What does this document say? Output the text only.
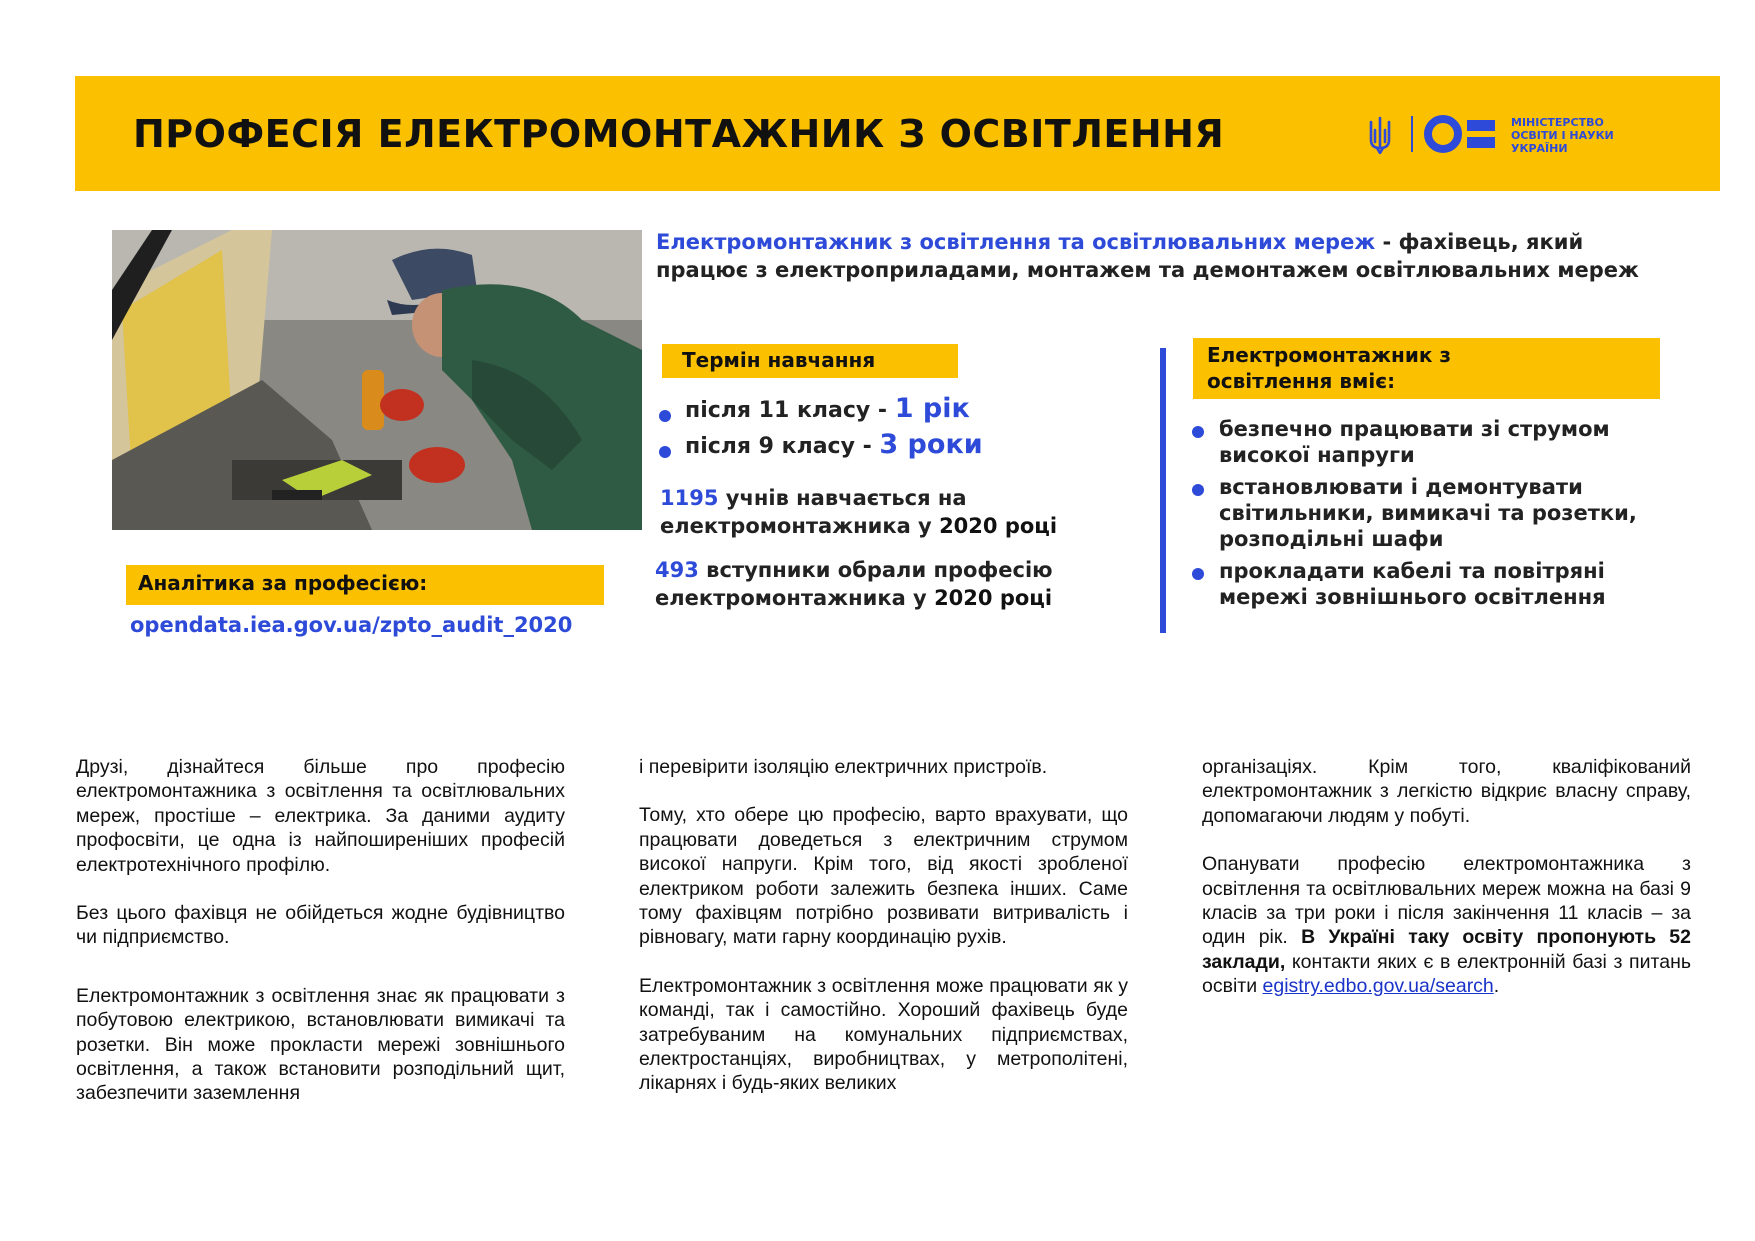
ПРОФЕСІЯ ЕЛЕКТРОМОНТАЖНИК З ОСВІТЛЕННЯ	МІНІСТЕРСТВО
ОСВІТИ І НАУКИ
УКРАЇНИ
Електромонтажник з освітлення та освітлювальних мереж - фахівець, який працює з електроприладами, монтажем та демонтажем освітлювальних мереж
Термін навчання
після 11 класу - 1 рік
після 9 класу - 3 роки
1195 учнів навчається на
електромонтажника у 2020 році
493 вступники обрали професію
електромонтажника у 2020 році
Електромонтажник з
освітлення вміє:
безпечно працювати зі струмом високої напруги
встановлювати і демонтувати світильники, вимикачі та розетки, розподільні шафи
прокладати кабелі та повітряні мережі зовнішнього освітлення
Аналітика за професією:
opendata.iea.gov.ua/zpto_audit_2020

Друзі, дізнайтеся більше про професію електромонтажника з освітлення та освітлювальних мереж, простіше – електрика. За даними аудиту профосвіти, це одна із найпоширеніших професій електротехнічного профілю.

Без цього фахівця не обійдеться жодне будівництво чи підприємство.

Електромонтажник з освітлення знає як працювати з побутовою електрикою, встановлювати вимикачі та розетки. Він може прокласти мережі зовнішнього освітлення, а також встановити розподільний щит, забезпечити заземлення

і перевірити ізоляцію електричних пристроїв.

Тому, хто обере цю професію, варто врахувати, що працювати доведеться з електричним струмом високої напруги. Крім того, від якості зробленої електриком роботи залежить безпека інших. Саме тому фахівцям потрібно розвивати витривалість і рівновагу, мати гарну координацію рухів.

Електромонтажник з освітлення може працювати як у команді, так і самостійно. Хороший фахівець буде затребуваним на комунальних підприємствах, електростанціях, виробництвах, у метрополітені, лікарнях і будь-яких великих

організаціях. Крім того, кваліфікований електромонтажник з легкістю відкриє власну справу, допомагаючи людям у побуті.

Опанувати професію електромонтажника з освітлення та освітлювальних мереж можна на базі 9 класів за три роки і після закінчення 11 класів – за один рік. В Україні таку освіту пропонують 52 заклади, контакти яких є в електронній базі з питань освіти egistry.edbo.gov.ua/search.
